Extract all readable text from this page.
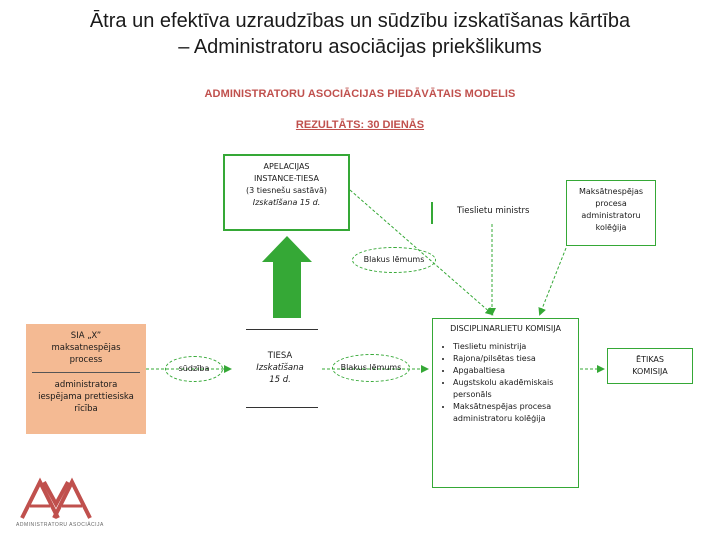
Ātra un efektīva uzraudzības un sūdzību izskatīšanas kārtība
– Administratoru asociācijas priekšlikums
ADMINISTRATORU ASOCIĀCIJAS PIEDĀVĀTAIS MODELIS
REZULTĀTS: 30 DIENĀS
APELACIJAS
INSTANCE-TIESA
(3 tiesnešu sastāvā)
Izskatīšana 15 d.
Tieslietu ministrs
Maksātnespējas
procesa
administratoru
kolēģija
Blakus lēmums
SIA „X”
maksatnespējas
process
administratora
iespējama prettiesiska
rīcība
sūdzība
TIESA
Izskatīšana
15 d.
Blakus lēmums
DISCIPLINARLIETU KOMISIJA
• Tieslietu ministrija
• Rajona/pilsētas tiesa
• Apgabaltiesa
• Augstskolu akadēmiskais personāls
• Maksātnespējas procesa administratoru kolēģija
ĒTIKAS
KOMISIJA
ADMINISTRATORU ASOCIĀCIJA
